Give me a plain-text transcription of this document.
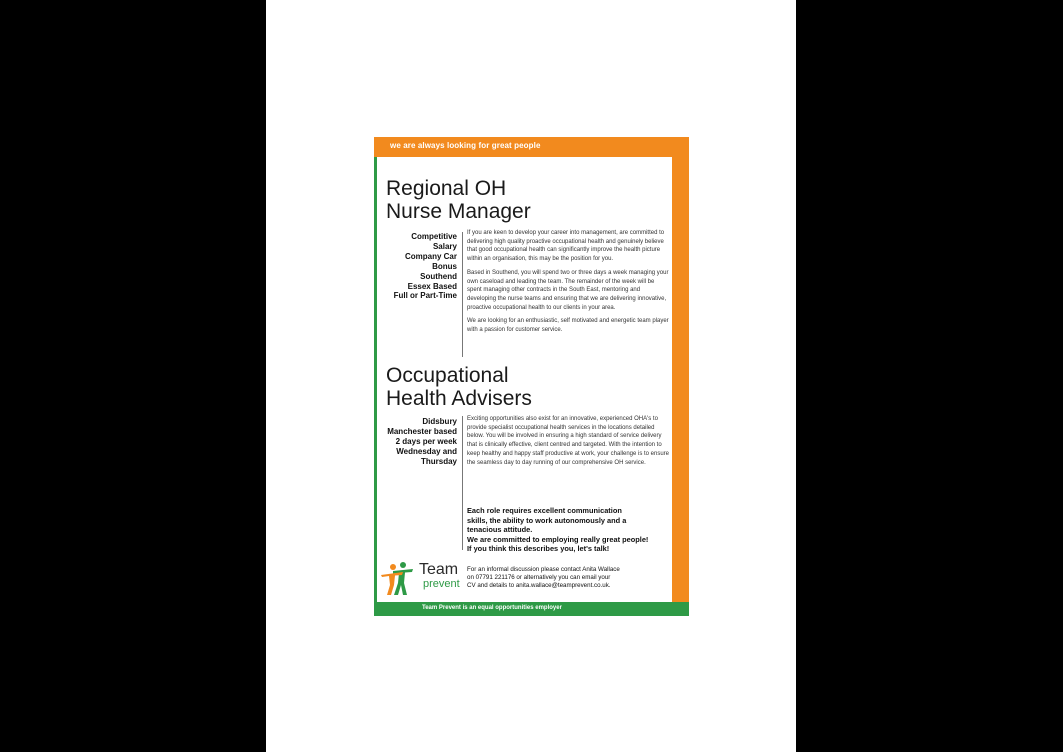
we are always looking for great people
Team Prevent is an equal opportunities employer
Regional OH
Nurse Manager
Competitive
Salary
Company Car
Bonus
Southend
Essex Based
Full or Part-Time

If you are keen to develop your career into management, are committed to delivering high quality proactive occupational health and genuinely believe that good occupational health can significantly improve the health picture within an organisation, this may be the position for you.

Based in Southend, you will spend two or three days a week managing your own caseload and leading the team. The remainder of the week will be spent managing other contracts in the South East, mentoring and developing the nurse teams and ensuring that we are delivering innovative, proactive occupational health to our clients in your area.

We are looking for an enthusiastic, self motivated and energetic team player with a passion for customer service.

Occupational
Health Advisers
Didsbury
Manchester based
2 days per week
Wednesday and
Thursday

Exciting opportunities also exist for an innovative, experienced OHA's to provide specialist occupational health services in the locations detailed below. You will be involved in ensuring a high standard of service delivery that is clinically effective, client centred and targeted. With the intention to keep healthy and happy staff productive at work, your challenge is to ensure the seamless day to day running of our comprehensive OH service.

Each role requires excellent communication

skills, the ability to work autonomously and a

tenacious attitude.

We are committed to employing really great people!

If you think this describes you, let's talk!

Team
prevent
For an informal discussion please contact Anita Wallace
on 07791 221176 or alternatively you can email your
CV and details to anita.wallace@teamprevent.co.uk.
